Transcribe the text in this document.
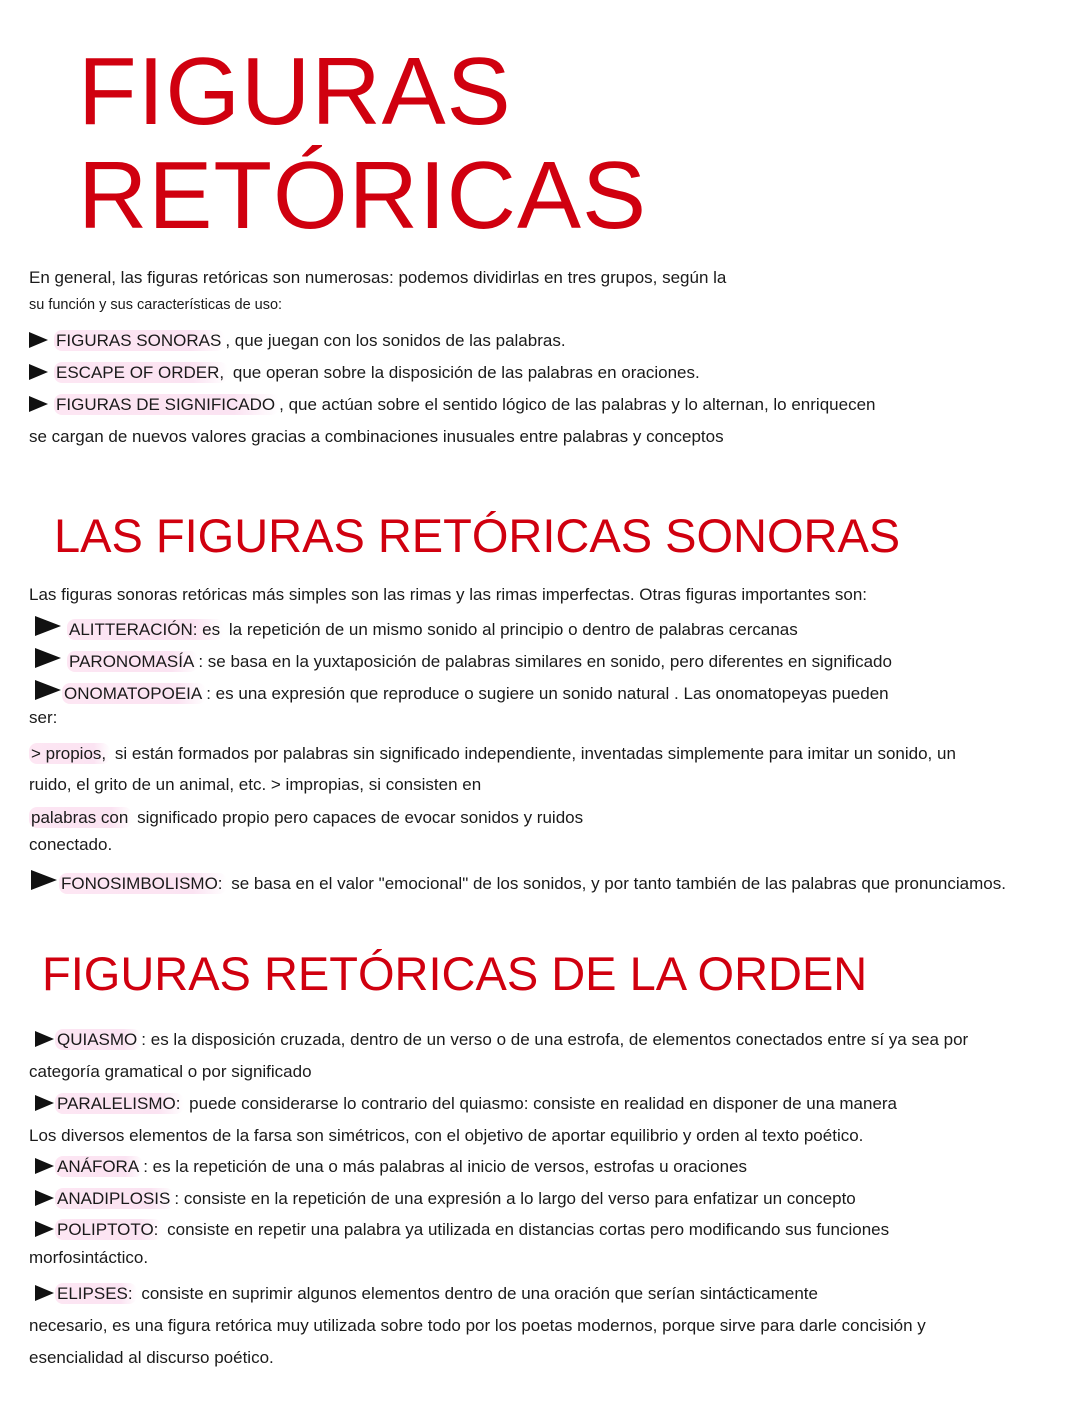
FIGURAS
RETÓRICAS
En general, las figuras retóricas son numerosas: podemos dividirlas en tres grupos, según la
su función y sus características de uso:
FIGURAS SONORAS , que juegan con los sonidos de las palabras.
ESCAPE OF ORDER, que operan sobre la disposición de las palabras en oraciones.
FIGURAS DE SIGNIFICADO , que actúan sobre el sentido lógico de las palabras y lo alternan, lo enriquecen
se cargan de nuevos valores gracias a combinaciones inusuales entre palabras y conceptos
LAS FIGURAS RETÓRICAS SONORAS
Las figuras sonoras retóricas más simples son las rimas y las rimas imperfectas. Otras figuras importantes son:
ALITTERACIÓN: es la repetición de un mismo sonido al principio o dentro de palabras cercanas
PARONOMASÍA : se basa en la yuxtaposición de palabras similares en sonido, pero diferentes en significado
ONOMATOPOEIA : es una expresión que reproduce o sugiere un sonido natural . Las onomatopeyas pueden
ser:
> propios, si están formados por palabras sin significado independiente, inventadas simplemente para imitar un sonido, un
ruido, el grito de un animal, etc. > impropias, si consisten en
palabras con significado propio pero capaces de evocar sonidos y ruidos
conectado.
FONOSIMBOLISMO: se basa en el valor "emocional" de los sonidos, y por tanto también de las palabras que pronunciamos.
FIGURAS RETÓRICAS DE LA ORDEN
QUIASMO : es la disposición cruzada, dentro de un verso o de una estrofa, de elementos conectados entre sí ya sea por
categoría gramatical o por significado
PARALELISMO: puede considerarse lo contrario del quiasmo: consiste en realidad en disponer de una manera
Los diversos elementos de la farsa son simétricos, con el objetivo de aportar equilibrio y orden al texto poético.
ANÁFORA : es la repetición de una o más palabras al inicio de versos, estrofas u oraciones
ANADIPLOSIS : consiste en la repetición de una expresión a lo largo del verso para enfatizar un concepto
POLIPTOTO: consiste en repetir una palabra ya utilizada en distancias cortas pero modificando sus funciones
morfosintáctico.
ELIPSES: consiste en suprimir algunos elementos dentro de una oración que serían sintácticamente
necesario, es una figura retórica muy utilizada sobre todo por los poetas modernos, porque sirve para darle concisión y
esencialidad al discurso poético.
